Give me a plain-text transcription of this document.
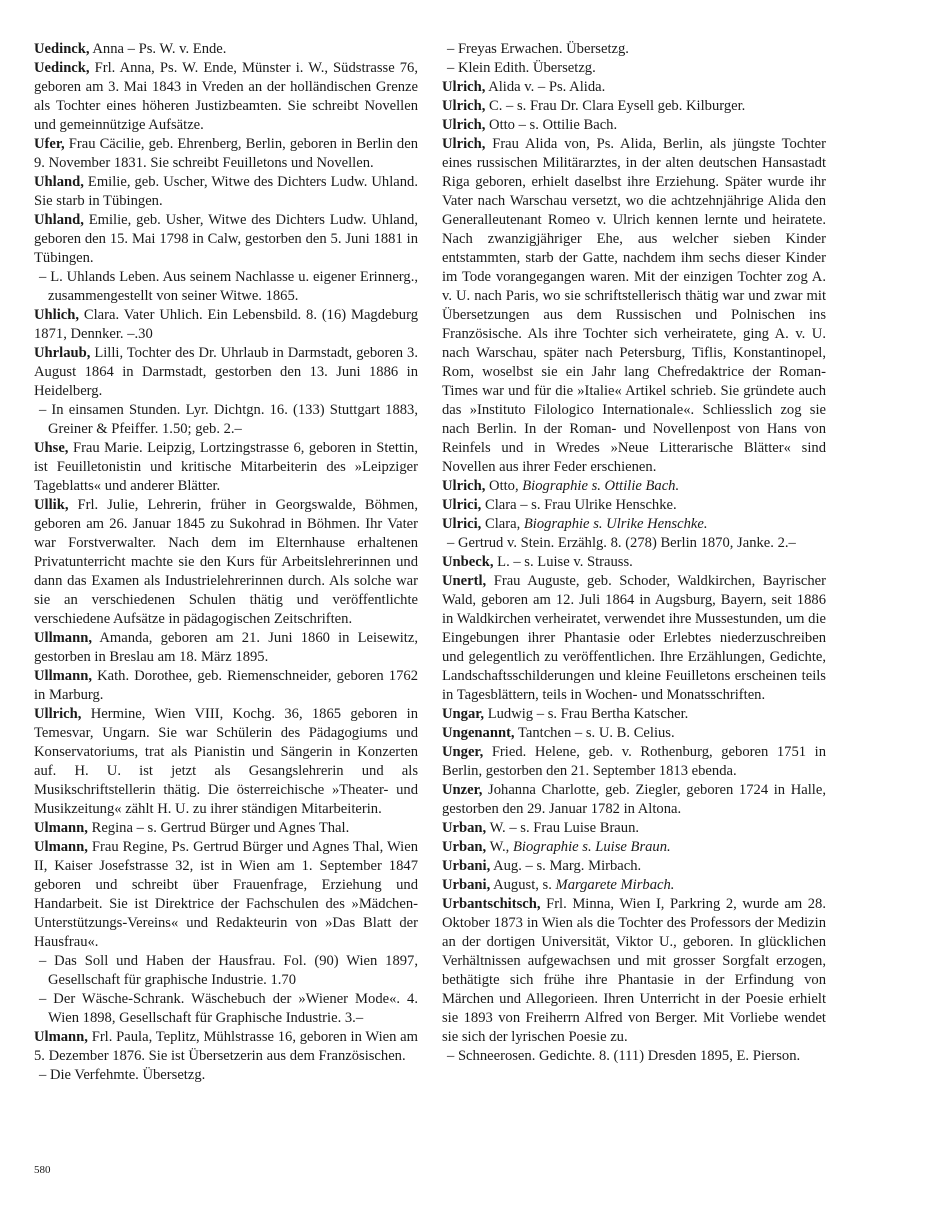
Uedinck, Anna – Ps. W. v. Ende.

Uedinck, Frl. Anna, Ps. W. Ende, Münster i. W., Südstrasse 76, geboren am 3. Mai 1843 in Vreden an der holländischen Grenze als Tochter eines höheren Justizbeamten. Sie schreibt Novellen und gemeinnützige Aufsätze.

Ufer, Frau Cäcilie, geb. Ehrenberg, Berlin, geboren in Berlin den 9. November 1831. Sie schreibt Feuilletons und Novellen.

Uhland, Emilie, geb. Uscher, Witwe des Dichters Ludw. Uhland. Sie starb in Tübingen.

Uhland, Emilie, geb. Usher, Witwe des Dichters Ludw. Uhland, geboren den 15. Mai 1798 in Calw, gestorben den 5. Juni 1881 in Tübingen.

– L. Uhlands Leben. Aus seinem Nachlasse u. eigener Erinnerg., zusammengestellt von seiner Witwe. 1865.

Uhlich, Clara. Vater Uhlich. Ein Lebensbild. 8. (16) Magdeburg 1871, Dennker. –.30

Uhrlaub, Lilli, Tochter des Dr. Uhrlaub in Darmstadt, geboren 3. August 1864 in Darmstadt, gestorben den 13. Juni 1886 in Heidelberg.

– In einsamen Stunden. Lyr. Dichtgn. 16. (133) Stuttgart 1883, Greiner & Pfeiffer. 1.50; geb. 2.–

Uhse, Frau Marie. Leipzig, Lortzingstrasse 6, geboren in Stettin, ist Feuilletonistin und kritische Mitarbeiterin des »Leipziger Tageblatts« und anderer Blätter.

Ullik, Frl. Julie, Lehrerin, früher in Georgswalde, Böhmen, geboren am 26. Januar 1845 zu Sukohrad in Böhmen. Ihr Vater war Forstverwalter. Nach dem im Elternhause erhaltenen Privatunterricht machte sie den Kurs für Arbeitslehrerinnen und dann das Examen als Industrielehrerinnen durch. Als solche war sie an verschiedenen Schulen thätig und veröffentlichte verschiedene Aufsätze in pädagogischen Zeitschriften.

Ullmann, Amanda, geboren am 21. Juni 1860 in Leisewitz, gestorben in Breslau am 18. März 1895.

Ullmann, Kath. Dorothee, geb. Riemenschneider, geboren 1762 in Marburg.

Ullrich, Hermine, Wien VIII, Kochg. 36, 1865 geboren in Temesvar, Ungarn. Sie war Schülerin des Pädagogiums und Konservatoriums, trat als Pianistin und Sängerin in Konzerten auf. H. U. ist jetzt als Gesangslehrerin und als Musikschriftstellerin thätig. Die österreichische »Theater- und Musikzeitung« zählt H. U. zu ihrer ständigen Mitarbeiterin.

Ulmann, Regina – s. Gertrud Bürger und Agnes Thal.

Ulmann, Frau Regine, Ps. Gertrud Bürger und Agnes Thal, Wien II, Kaiser Josefstrasse 32, ist in Wien am 1. September 1847 geboren und schreibt über Frauenfrage, Erziehung und Handarbeit. Sie ist Direktrice der Fachschulen des »Mädchen-Unterstützungs-Vereins« und Redakteurin von »Das Blatt der Hausfrau«.

– Das Soll und Haben der Hausfrau. Fol. (90) Wien 1897, Gesellschaft für graphische Industrie. 1.70

– Der Wäsche-Schrank. Wäschebuch der »Wiener Mode«. 4. Wien 1898, Gesellschaft für Graphische Industrie. 3.–

Ulmann, Frl. Paula, Teplitz, Mühlstrasse 16, geboren in Wien am 5. Dezember 1876. Sie ist Übersetzerin aus dem Französischen.

– Die Verfehmte. Übersetzg.

– Freyas Erwachen. Übersetzg.

– Klein Edith. Übersetzg.

Ulrich, Alida v. – Ps. Alida.

Ulrich, C. – s. Frau Dr. Clara Eysell geb. Kilburger.

Ulrich, Otto – s. Ottilie Bach.

Ulrich, Frau Alida von, Ps. Alida, Berlin, als jüngste Tochter eines russischen Militärarztes, in der alten deutschen Hansastadt Riga geboren, erhielt daselbst ihre Erziehung. Später wurde ihr Vater nach Warschau versetzt, wo die achtzehnjährige Alida den Generalleutenant Romeo v. Ulrich kennen lernte und heiratete. Nach zwanzigjähriger Ehe, aus welcher sieben Kinder entstammten, starb der Gatte, nachdem ihm sechs dieser Kinder im Tode vorangegangen waren. Mit der einzigen Tochter zog A. v. U. nach Paris, wo sie schriftstellerisch thätig war und zwar mit Übersetzungen aus dem Russischen und Polnischen ins Französische. Als ihre Tochter sich verheiratete, ging A. v. U. nach Warschau, später nach Petersburg, Tiflis, Konstantinopel, Rom, woselbst sie ein Jahr lang Chefredaktrice der Roman-Times war und für die »Italie« Artikel schrieb. Sie gründete auch das »Instituto Filologico Internationale«. Schliesslich zog sie nach Berlin. In der Roman- und Novellenpost von Hans von Reinfels und in Wredes »Neue Litterarische Blätter« sind Novellen aus ihrer Feder erschienen.

Ulrich, Otto, Biographie s. Ottilie Bach.

Ulrici, Clara – s. Frau Ulrike Henschke.

Ulrici, Clara, Biographie s. Ulrike Henschke.

– Gertrud v. Stein. Erzählg. 8. (278) Berlin 1870, Janke. 2.–

Unbeck, L. – s. Luise v. Strauss.

Unertl, Frau Auguste, geb. Schoder, Waldkirchen, Bayrischer Wald, geboren am 12. Juli 1864 in Augsburg, Bayern, seit 1886 in Waldkirchen verheiratet, verwendet ihre Mussestunden, um die Eingebungen ihrer Phantasie oder Erlebtes niederzuschreiben und gelegentlich zu veröffentlichen. Ihre Erzählungen, Gedichte, Landschaftsschilderungen und kleine Feuilletons erscheinen teils in Tagesblättern, teils in Wochen- und Monatsschriften.

Ungar, Ludwig – s. Frau Bertha Katscher.

Ungenannt, Tantchen – s. U. B. Celius.

Unger, Fried. Helene, geb. v. Rothenburg, geboren 1751 in Berlin, gestorben den 21. September 1813 ebenda.

Unzer, Johanna Charlotte, geb. Ziegler, geboren 1724 in Halle, gestorben den 29. Januar 1782 in Altona.

Urban, W. – s. Frau Luise Braun.

Urban, W., Biographie s. Luise Braun.

Urbani, Aug. – s. Marg. Mirbach.

Urbani, August, s. Margarete Mirbach.

Urbantschitsch, Frl. Minna, Wien I, Parkring 2, wurde am 28. Oktober 1873 in Wien als die Tochter des Professors der Medizin an der dortigen Universität, Viktor U., geboren. In glücklichen Verhältnissen aufgewachsen und mit grosser Sorgfalt erzogen, bethätigte sich frühe ihre Phantasie in der Erfindung von Märchen und Allegorieen. Ihren Unterricht in der Poesie erhielt sie 1893 von Freiherrn Alfred von Berger. Mit Vorliebe wendet sie sich der lyrischen Poesie zu.

– Schneerosen. Gedichte. 8. (111) Dresden 1895, E. Pierson.

580
